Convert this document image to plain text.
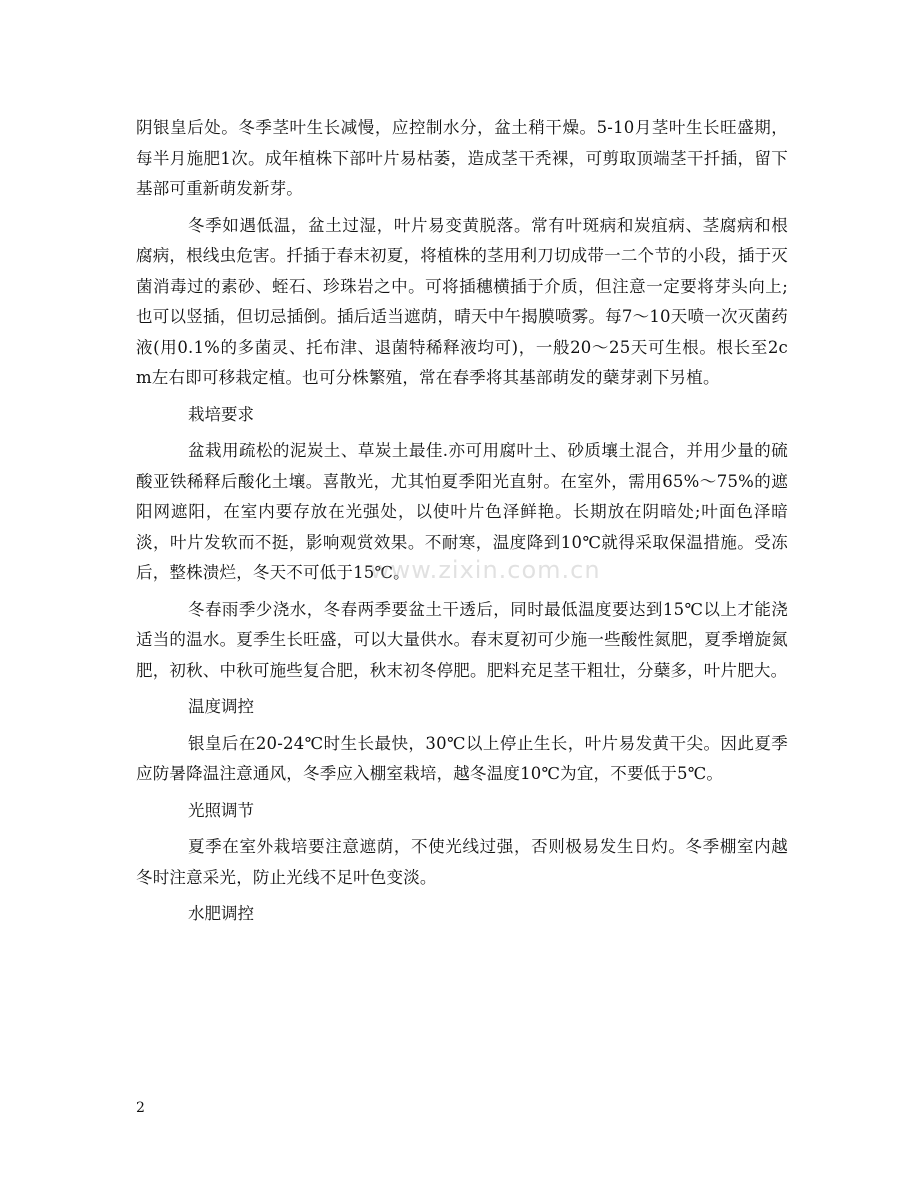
阴银皇后处。冬季茎叶生长减慢，应控制水分，盆土稍干燥。5-10月茎叶生长旺盛期，每半月施肥1次。成年植株下部叶片易枯萎，造成茎干秃裸，可剪取顶端茎干扦插，留下基部可重新萌发新芽。

冬季如遇低温，盆土过湿，叶片易变黄脱落。常有叶斑病和炭疽病、茎腐病和根腐病，根线虫危害。扦插于春末初夏，将植株的茎用利刀切成带一二个节的小段，插于灭菌消毒过的素砂、蛭石、珍珠岩之中。可将插穗横插于介质，但注意一定要将芽头向上;也可以竖插，但切忌插倒。插后适当遮荫，晴天中午揭膜喷雾。每7～10天喷一次灭菌药液(用0.1%的多菌灵、托布津、退菌特稀释液均可)，一般20～25天可生根。根长至2cm左右即可移栽定植。也可分株繁殖，常在春季将其基部萌发的蘖芽剥下另植。

栽培要求

盆栽用疏松的泥炭土、草炭土最佳.亦可用腐叶土、砂质壤土混合，并用少量的硫酸亚铁稀释后酸化土壤。喜散光，尤其怕夏季阳光直射。在室外，需用65%～75%的遮阳网遮阳，在室内要存放在光强处，以使叶片色泽鲜艳。长期放在阴暗处;叶面色泽暗淡，叶片发软而不挺，影响观赏效果。不耐寒，温度降到10℃就得采取保温措施。受冻后，整株溃烂，冬天不可低于15℃。

冬春雨季少浇水，冬春两季要盆土干透后，同时最低温度要达到15℃以上才能浇适当的温水。夏季生长旺盛，可以大量供水。春末夏初可少施一些酸性氮肥，夏季增旋氮肥，初秋、中秋可施些复合肥，秋末初冬停肥。肥料充足茎干粗壮，分蘖多，叶片肥大。

温度调控

银皇后在20-24℃时生长最快，30℃以上停止生长，叶片易发黄干尖。因此夏季应防暑降温注意通风，冬季应入棚室栽培，越冬温度10℃为宜，不要低于5℃。

光照调节

夏季在室外栽培要注意遮荫，不使光线过强，否则极易发生日灼。冬季棚室内越冬时注意采光，防止光线不足叶色变淡。

水肥调控

www.zixin.com.cn
2
